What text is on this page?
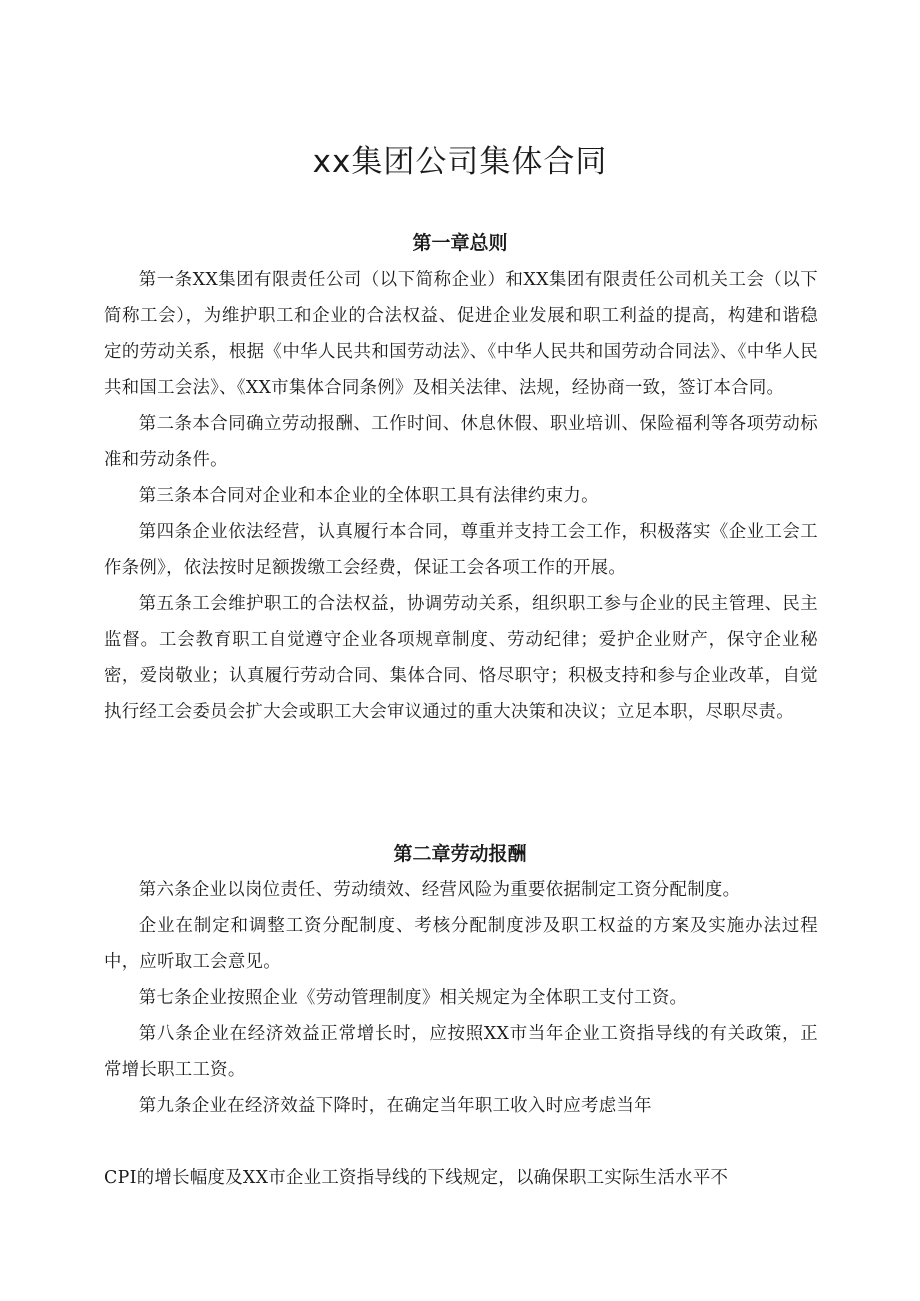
xx集团公司集体合同
第一章总则

第一条XX集团有限责任公司（以下简称企业）和XX集团有限责任公司机关工会（以下简称工会），为维护职工和企业的合法权益、促进企业发展和职工利益的提高，构建和谐稳定的劳动关系，根据《中华人民共和国劳动法》、《中华人民共和国劳动合同法》、《中华人民共和国工会法》、《XX市集体合同条例》及相关法律、法规，经协商一致，签订本合同。

第二条本合同确立劳动报酬、工作时间、休息休假、职业培训、保险福利等各项劳动标准和劳动条件。

第三条本合同对企业和本企业的全体职工具有法律约束力。

第四条企业依法经营，认真履行本合同，尊重并支持工会工作，积极落实《企业工会工作条例》，依法按时足额拨缴工会经费，保证工会各项工作的开展。

第五条工会维护职工的合法权益，协调劳动关系，组织职工参与企业的民主管理、民主监督。工会教育职工自觉遵守企业各项规章制度、劳动纪律；爱护企业财产，保守企业秘密，爱岗敬业；认真履行劳动合同、集体合同、恪尽职守；积极支持和参与企业改革，自觉执行经工会委员会扩大会或职工大会审议通过的重大决策和决议；立足本职，尽职尽责。

第二章劳动报酬

第六条企业以岗位责任、劳动绩效、经营风险为重要依据制定工资分配制度。

企业在制定和调整工资分配制度、考核分配制度涉及职工权益的方案及实施办法过程中，应听取工会意见。

第七条企业按照企业《劳动管理制度》相关规定为全体职工支付工资。

第八条企业在经济效益正常增长时，应按照XX市当年企业工资指导线的有关政策，正常增长职工工资。

第九条企业在经济效益下降时，在确定当年职工收入时应考虑当年

CPI的增长幅度及XX市企业工资指导线的下线规定，以确保职工实际生活水平不
